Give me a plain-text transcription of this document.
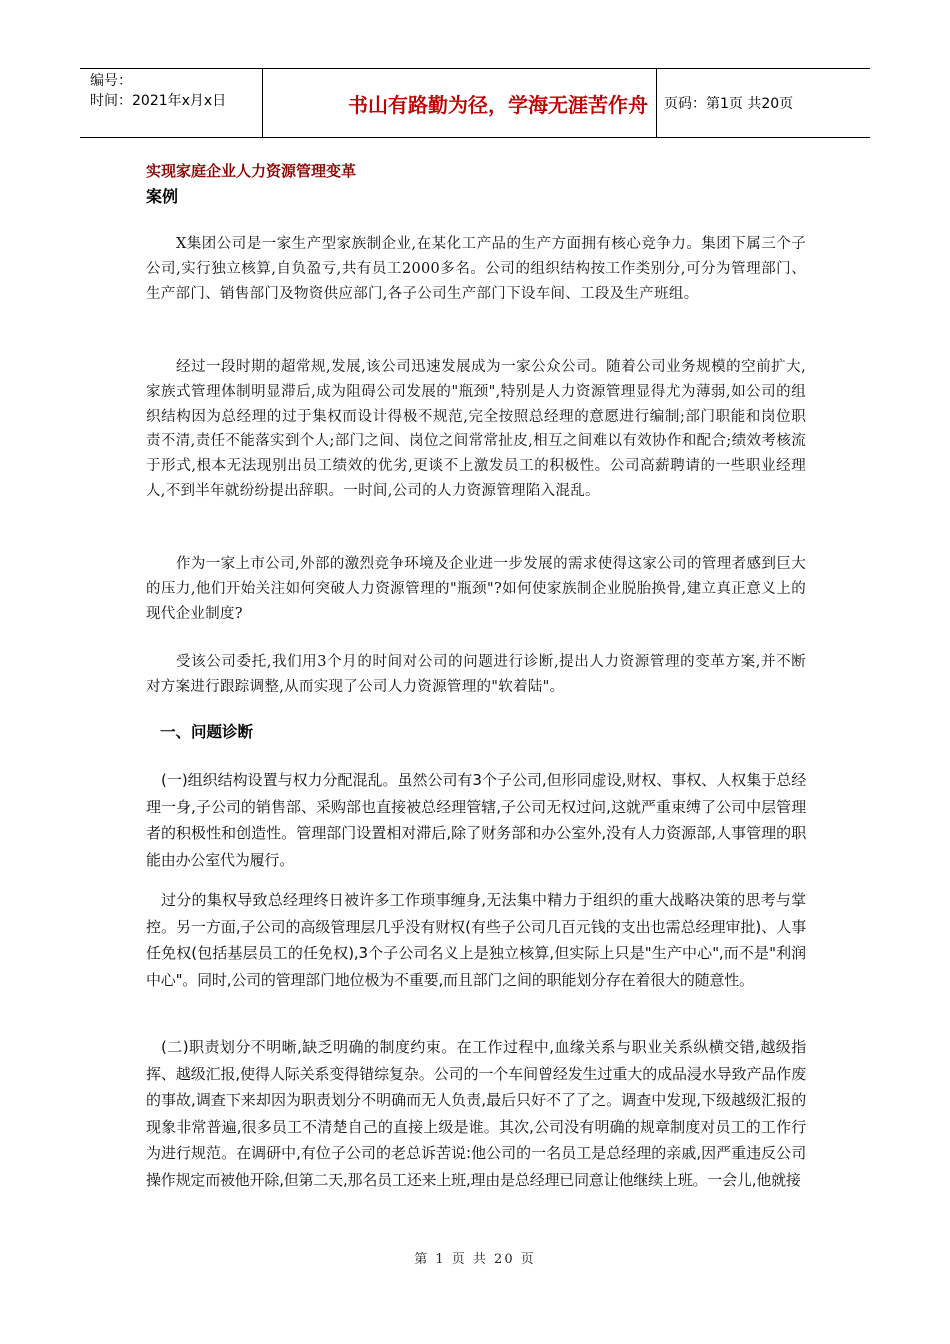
编号：
时间：2021年x月x日	书山有路勤为径，学海无涯苦作舟	页码：第1页 共20页
实现家庭企业人力资源管理变革
案例

X集团公司是一家生产型家族制企业,在某化工产品的生产方面拥有核心竞争力。集团下属三个子公司,实行独立核算,自负盈亏,共有员工2000多名。公司的组织结构按工作类别分,可分为管理部门、生产部门、销售部门及物资供应部门,各子公司生产部门下设车间、工段及生产班组。

经过一段时期的超常规,发展,该公司迅速发展成为一家公众公司。随着公司业务规模的空前扩大,家族式管理体制明显滞后,成为阻碍公司发展的"瓶颈",特别是人力资源管理显得尤为薄弱,如公司的组织结构因为总经理的过于集权而设计得极不规范,完全按照总经理的意愿进行编制;部门职能和岗位职责不清,责任不能落实到个人;部门之间、岗位之间常常扯皮,相互之间难以有效协作和配合;绩效考核流于形式,根本无法现别出员工绩效的优劣,更谈不上激发员工的积极性。公司高薪聘请的一些职业经理人,不到半年就纷纷提出辞职。一时间,公司的人力资源管理陷入混乱。

作为一家上市公司,外部的激烈竞争环境及企业进一步发展的需求使得这家公司的管理者感到巨大的压力,他们开始关注如何突破人力资源管理的"瓶颈"?如何使家族制企业脱胎换骨,建立真正意义上的现代企业制度?

受该公司委托,我们用3个月的时间对公司的问题进行诊断,提出人力资源管理的变革方案,并不断对方案进行跟踪调整,从而实现了公司人力资源管理的"软着陆"。

一、问题诊断

(一)组织结构设置与权力分配混乱。虽然公司有3个子公司,但形同虚设,财权、事权、人权集于总经理一身,子公司的销售部、采购部也直接被总经理管辖,子公司无权过问,这就严重束缚了公司中层管理者的积极性和创造性。管理部门设置相对滞后,除了财务部和办公室外,没有人力资源部,人事管理的职能由办公室代为履行。

过分的集权导致总经理终日被许多工作琐事缠身,无法集中精力于组织的重大战略决策的思考与掌控。另一方面,子公司的高级管理层几乎没有财权(有些子公司几百元钱的支出也需总经理审批)、人事任免权(包括基层员工的任免权),3个子公司名义上是独立核算,但实际上只是"生产中心",而不是"利润中心"。同时,公司的管理部门地位极为不重要,而且部门之间的职能划分存在着很大的随意性。

(二)职责划分不明晰,缺乏明确的制度约束。在工作过程中,血缘关系与职业关系纵横交错,越级指挥、越级汇报,使得人际关系变得错综复杂。公司的一个车间曾经发生过重大的成品浸水导致产品作废的事故,调查下来却因为职责划分不明确而无人负责,最后只好不了了之。调查中发现,下级越级汇报的现象非常普遍,很多员工不清楚自己的直接上级是谁。其次,公司没有明确的规章制度对员工的工作行为进行规范。在调研中,有位子公司的老总诉苦说:他公司的一名员工是总经理的亲戚,因严重违反公司操作规定而被他开除,但第二天,那名员工还来上班,理由是总经理已同意让他继续上班。一会儿,他就接

第 1 页 共 20 页
